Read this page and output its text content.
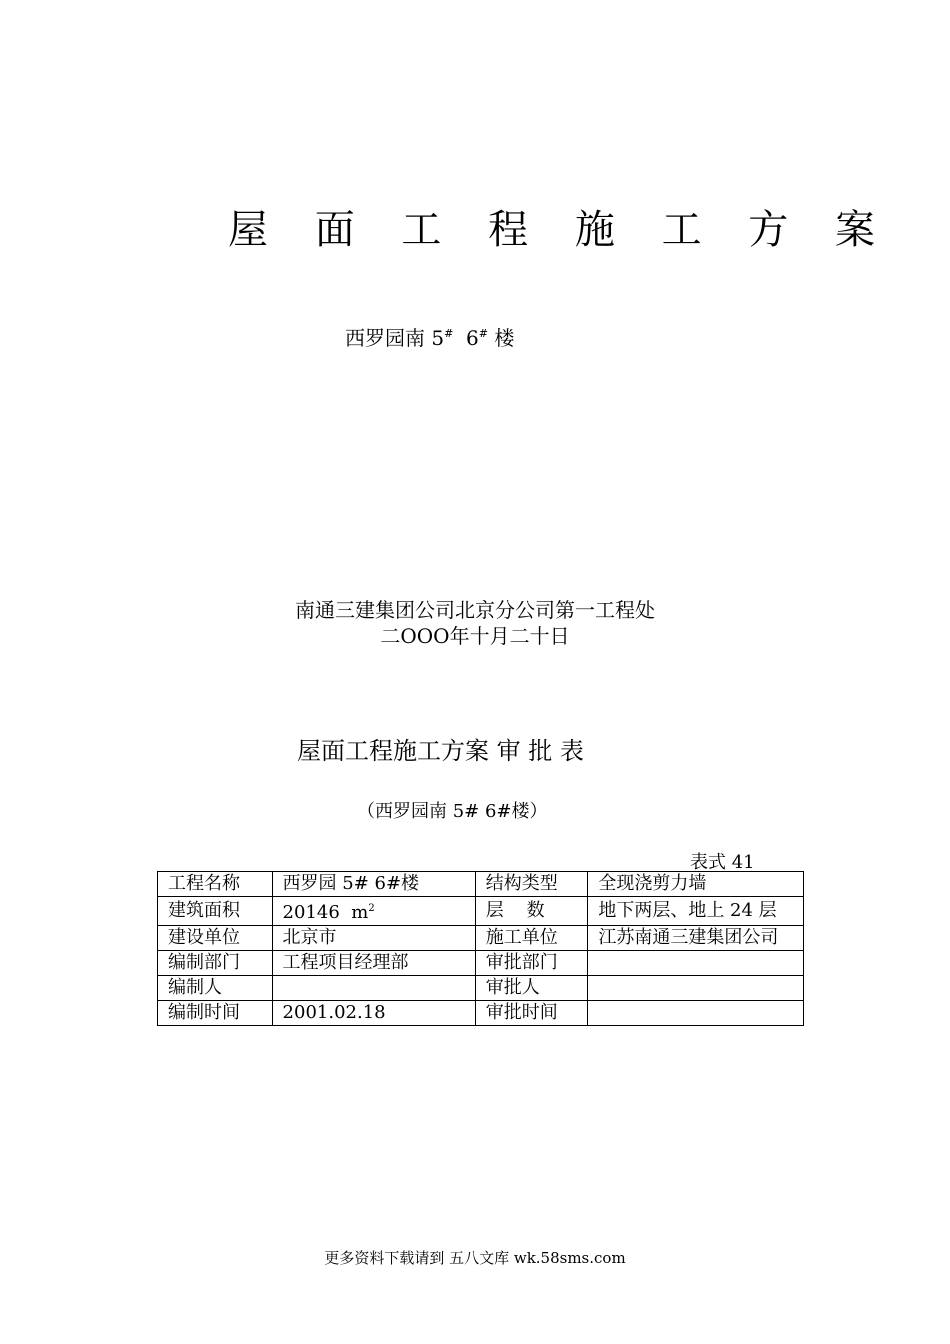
屋 面 工 程 施 工 方 案
西罗园南 5#  6# 楼
南通三建集团公司北京分公司第一工程处
二OOO年十月二十日
屋面工程施工方案 审 批 表
（西罗园南 5# 6#楼）
表式 41
工程名称	西罗园 5# 6#楼	结构类型	全现浇剪力墙
建筑面积	20146  $m^2$	层    数	地下两层、地上 24 层
建设单位	北京市	施工单位	江苏南通三建集团公司
编制部门	工程项目经理部	审批部门	
编制人		审批人	
编制时间	2001.02.18	审批时间	
更多资料下载请到 五八文库 wk.58sms.com
